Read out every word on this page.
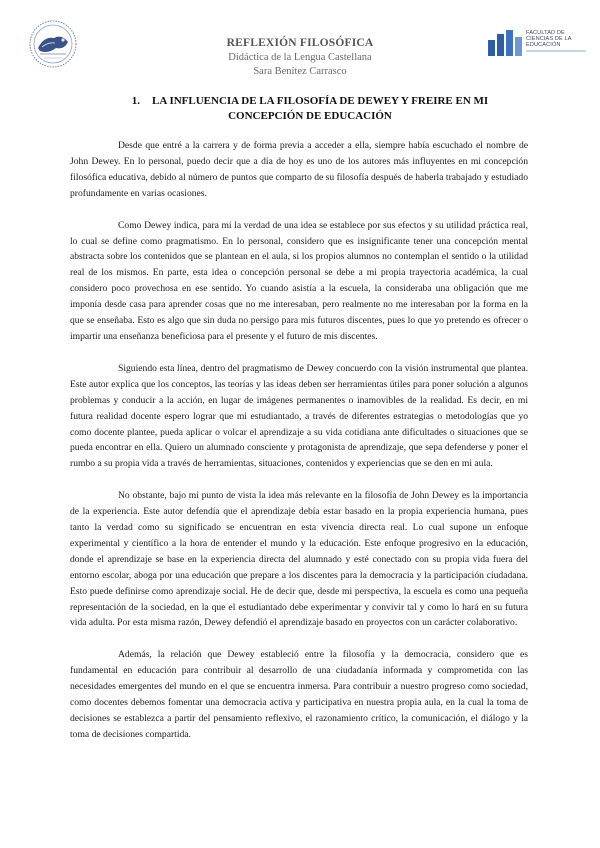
REFLEXIÓN FILOSÓFICA
Didáctica de la Lengua Castellana
Sara Benítez Carrasco
FACULTAD DE CIENCIAS DE LA EDUCACIÓN
1. LA INFLUENCIA DE LA FILOSOFÍA DE DEWEY Y FREIRE EN MI CONCEPCIÓN DE EDUCACIÓN

Desde que entré a la carrera y de forma previa a acceder a ella, siempre había escuchado el nombre de John Dewey. En lo personal, puedo decir que a día de hoy es uno de los autores más influyentes en mi concepción filosófica educativa, debido al número de puntos que comparto de su filosofía después de haberla trabajado y estudiado profundamente en varias ocasiones.

Como Dewey indica, para mí la verdad de una idea se establece por sus efectos y su utilidad práctica real, lo cual se define como pragmatismo. En lo personal, considero que es insignificante tener una concepción mental abstracta sobre los contenidos que se plantean en el aula, si los propios alumnos no contemplan el sentido o la utilidad real de los mismos. En parte, esta idea o concepción personal se debe a mi propia trayectoria académica, la cual considero poco provechosa en ese sentido. Yo cuando asistía a la escuela, la consideraba una obligación que me imponía desde casa para aprender cosas que no me interesaban, pero realmente no me interesaban por la forma en la que se enseñaba. Esto es algo que sin duda no persigo para mis futuros discentes, pues lo que yo pretendo es ofrecer o impartir una enseñanza beneficiosa para el presente y el futuro de mis discentes.

Siguiendo esta línea, dentro del pragmatismo de Dewey concuerdo con la visión instrumental que plantea. Este autor explica que los conceptos, las teorías y las ideas deben ser herramientas útiles para poner solución a algunos problemas y conducir a la acción, en lugar de imágenes permanentes o inamovibles de la realidad. Es decir, en mi futura realidad docente espero lograr que mi estudiantado, a través de diferentes estrategias o metodologías que yo como docente plantee, pueda aplicar o volcar el aprendizaje a su vida cotidiana ante dificultades o situaciones que se pueda encontrar en ella. Quiero un alumnado consciente y protagonista de aprendizaje, que sepa defenderse y poner el rumbo a su propia vida a través de herramientas, situaciones, contenidos y experiencias que se den en mi aula.

No obstante, bajo mi punto de vista la idea más relevante en la filosofía de John Dewey es la importancia de la experiencia. Este autor defendía que el aprendizaje debía estar basado en la propia experiencia humana, pues tanto la verdad como su significado se encuentran en esta vivencia directa real. Lo cual supone un enfoque experimental y científico a la hora de entender el mundo y la educación. Este enfoque progresivo en la educación, donde el aprendizaje se base en la experiencia directa del alumnado y esté conectado con su propia vida fuera del entorno escolar, aboga por una educación que prepare a los discentes para la democracia y la participación ciudadana. Esto puede definirse como aprendizaje social. He de decir que, desde mi perspectiva, la escuela es como una pequeña representación de la sociedad, en la que el estudiantado debe experimentar y convivir tal y como lo hará en su futura vida adulta. Por esta misma razón, Dewey defendió el aprendizaje basado en proyectos con un carácter colaborativo.

Además, la relación que Dewey estableció entre la filosofía y la democracia, considero que es fundamental en educación para contribuir al desarrollo de una ciudadanía informada y comprometida con las necesidades emergentes del mundo en el que se encuentra inmersa. Para contribuir a nuestro progreso como sociedad, como docentes debemos fomentar una democracia activa y participativa en nuestra propia aula, en la cual la toma de decisiones se establezca a partir del pensamiento reflexivo, el razonamiento crítico, la comunicación, el diálogo y la toma de decisiones compartida.
